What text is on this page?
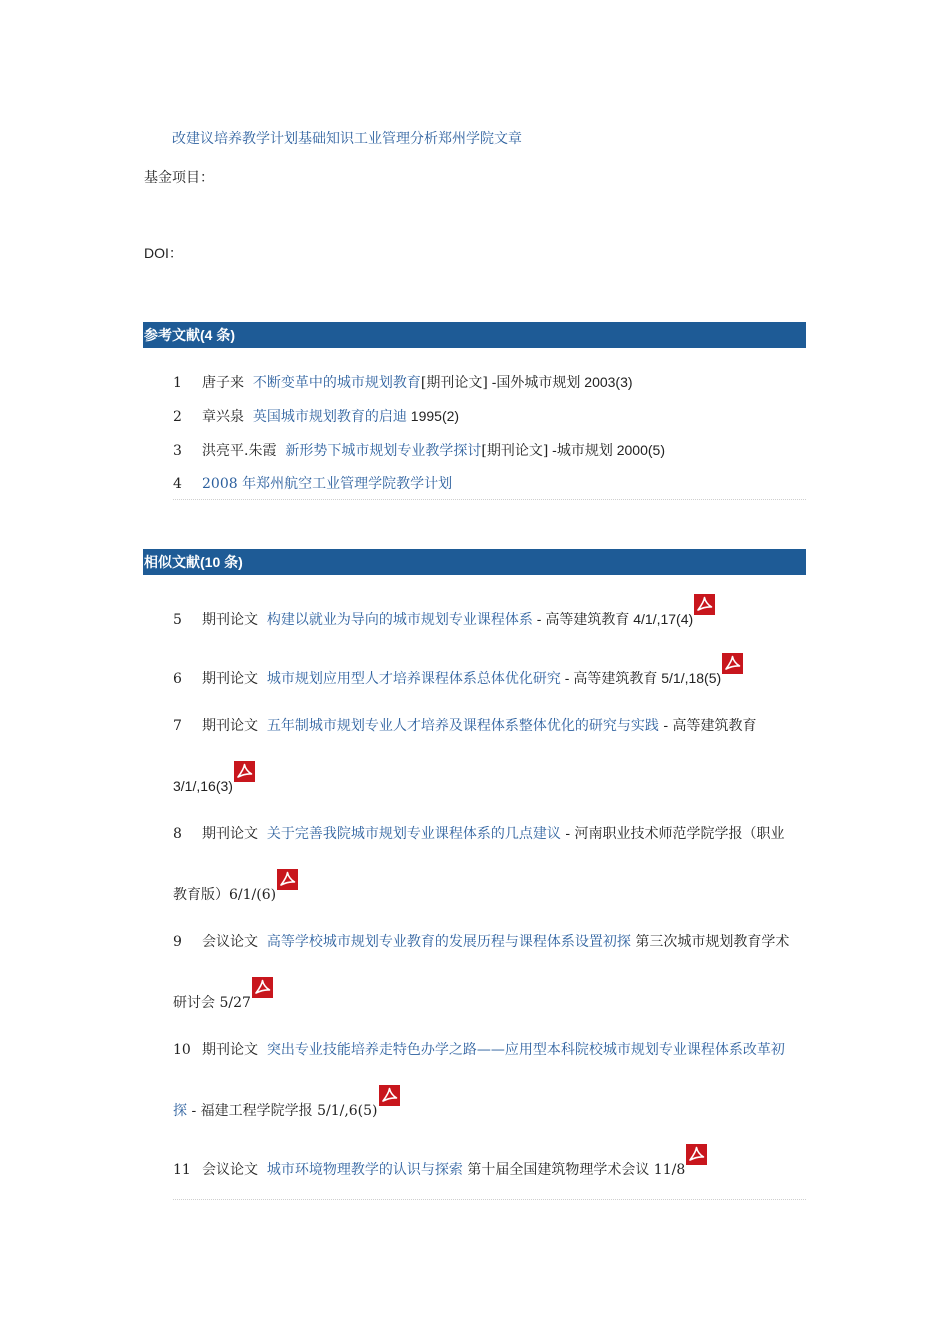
改建议培养教学计划基础知识工业管理分析郑州学院文章
基金项目：
DOI：
参考文献(4 条)
1 唐子来 不断变革中的城市规划教育[期刊论文] -国外城市规划 2003(3)
2 章兴泉 英国城市规划教育的启迪 1995(2)
3 洪亮平.朱霞 新形势下城市规划专业教学探讨[期刊论文] -城市规划 2000(5)
4 2008 年郑州航空工业管理学院教学计划
相似文献(10 条)
5 期刊论文 构建以就业为导向的城市规划专业课程体系 - 高等建筑教育 4/1/,17(4)
6 期刊论文 城市规划应用型人才培养课程体系总体优化研究 - 高等建筑教育 5/1/,18(5)
7 期刊论文 五年制城市规划专业人才培养及课程体系整体优化的研究与实践 - 高等建筑教育
3/1/,16(3)
8 期刊论文 关于完善我院城市规划专业课程体系的几点建议 - 河南职业技术师范学院学报（职业
教育版）6/1/(6)
9 会议论文 高等学校城市规划专业教育的发展历程与课程体系设置初探 第三次城市规划教育学术
研讨会 5/27
10 期刊论文 突出专业技能培养走特色办学之路——应用型本科院校城市规划专业课程体系改革初
探 - 福建工程学院学报 5/1/,6(5)
11 会议论文 城市环境物理教学的认识与探索 第十届全国建筑物理学术会议 11/8
